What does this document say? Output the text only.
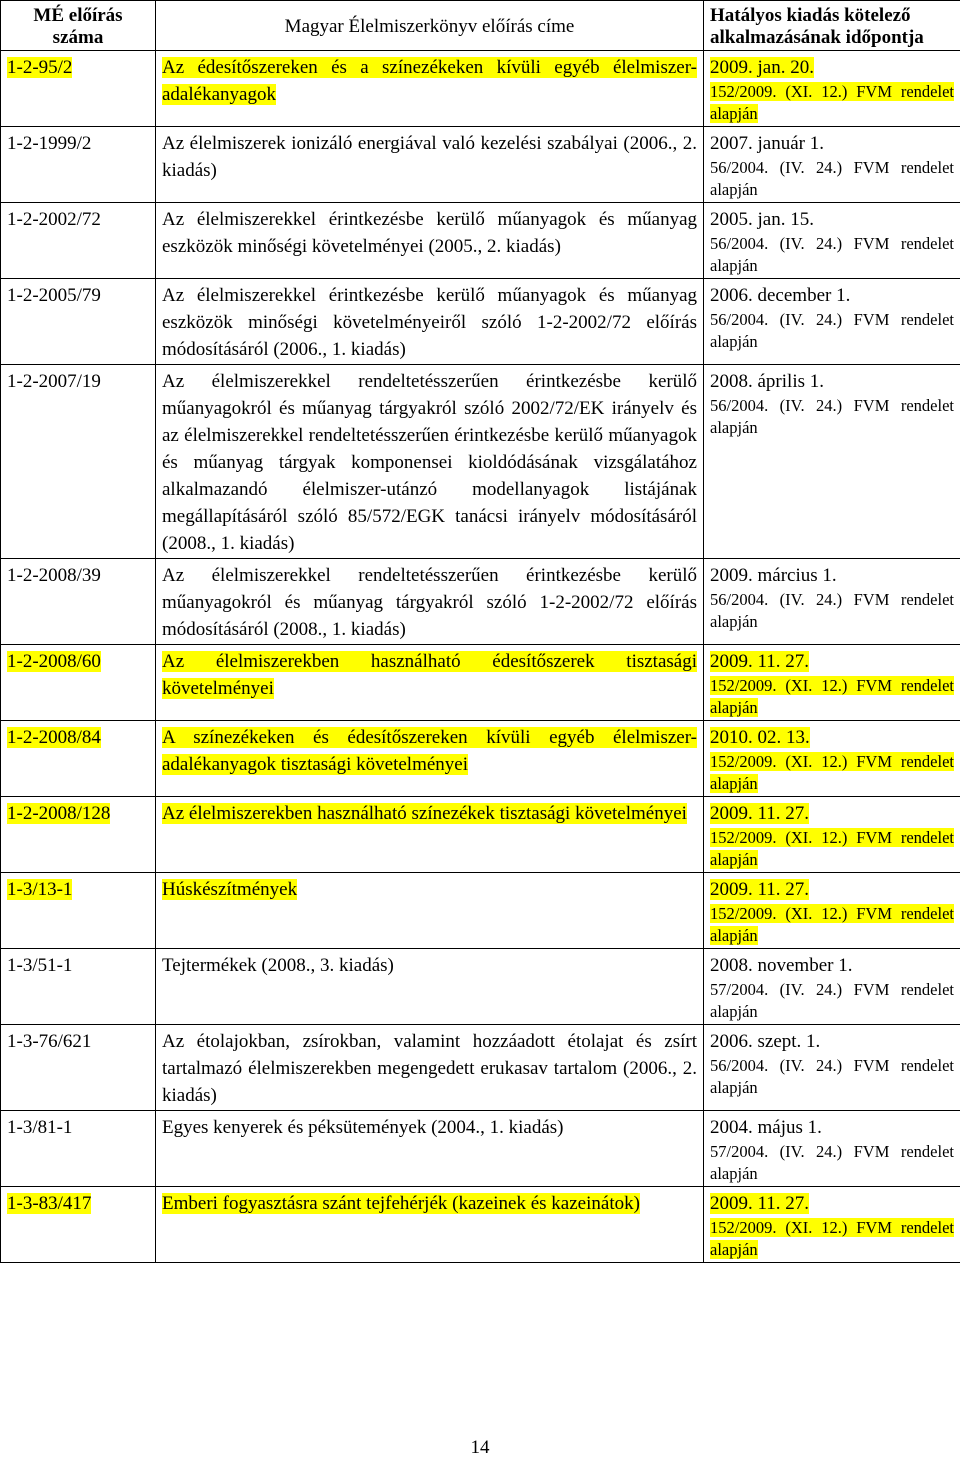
MÉ előírás száma	Magyar Élelmiszerkönyv előírás címe	Hatályos kiadás kötelező alkalmazásának időpontja
1-2-95/2	Az édesítőszereken és a színezékeken kívüli egyéb élelmiszer-adalékanyagok	2009. jan. 20.
152/2009. (XI. 12.) FVM rendelet alapján

1-2-1999/2	Az élelmiszerek ionizáló energiával való kezelési szabályai (2006., 2. kiadás)	2007. január 1.
56/2004. (IV. 24.) FVM rendelet alapján

1-2-2002/72	Az élelmiszerekkel érintkezésbe kerülő műanyagok és műanyag eszközök minőségi követelményei (2005., 2. kiadás)	2005. jan. 15.
56/2004. (IV. 24.) FVM rendelet alapján

1-2-2005/79	Az élelmiszerekkel érintkezésbe kerülő műanyagok és műanyag eszközök minőségi követelményeiről szóló 1-2-2002/72 előírás módosításáról (2006., 1. kiadás)	2006. december 1.
56/2004. (IV. 24.) FVM rendelet alapján

1-2-2007/19	Az élelmiszerekkel rendeltetésszerűen érintkezésbe kerülő műanyagokról és műanyag tárgyakról szóló 2002/72/EK irányelv és az élelmiszerekkel rendeltetésszerűen érintkezésbe kerülő műanyagok és műanyag tárgyak komponensei kioldódásának vizsgálatához alkalmazandó élelmiszer-utánzó modellanyagok listájának megállapításáról szóló 85/572/EGK tanácsi irányelv módosításáról (2008., 1. kiadás)	2008. április 1.
56/2004. (IV. 24.) FVM rendelet alapján

1-2-2008/39	Az élelmiszerekkel rendeltetésszerűen érintkezésbe kerülő műanyagokról és műanyag tárgyakról szóló 1-2-2002/72 előírás módosításáról (2008., 1. kiadás)	2009. március 1.
56/2004. (IV. 24.) FVM rendelet alapján

1-2-2008/60	Az élelmiszerekben használható édesítőszerek tisztasági követelményei	2009. 11. 27.
152/2009. (XI. 12.) FVM rendelet alapján

1-2-2008/84	A színezékeken és édesítőszereken kívüli egyéb élelmiszer-adalékanyagok tisztasági követelményei	2010. 02. 13.
152/2009. (XI. 12.) FVM rendelet alapján

1-2-2008/128	Az élelmiszerekben használható színezékek tisztasági követelményei	2009. 11. 27.
152/2009. (XI. 12.) FVM rendelet alapján

1-3/13-1	Húskészítmények	2009. 11. 27.
152/2009. (XI. 12.) FVM rendelet alapján

1-3/51-1	Tejtermékek (2008., 3. kiadás)	2008. november 1.
57/2004. (IV. 24.) FVM rendelet alapján

1-3-76/621	Az étolajokban, zsírokban, valamint hozzáadott étolajat és zsírt tartalmazó élelmiszerekben megengedett erukasav tartalom (2006., 2. kiadás)	2006. szept. 1.
56/2004. (IV. 24.) FVM rendelet alapján

1-3/81-1	Egyes kenyerek és péksütemények (2004., 1. kiadás)	2004. május 1.
57/2004. (IV. 24.) FVM rendelet alapján

1-3-83/417	Emberi fogyasztásra szánt tejfehérjék (kazeinek és kazeinátok)	2009. 11. 27.
152/2009. (XI. 12.) FVM rendelet alapján
14
